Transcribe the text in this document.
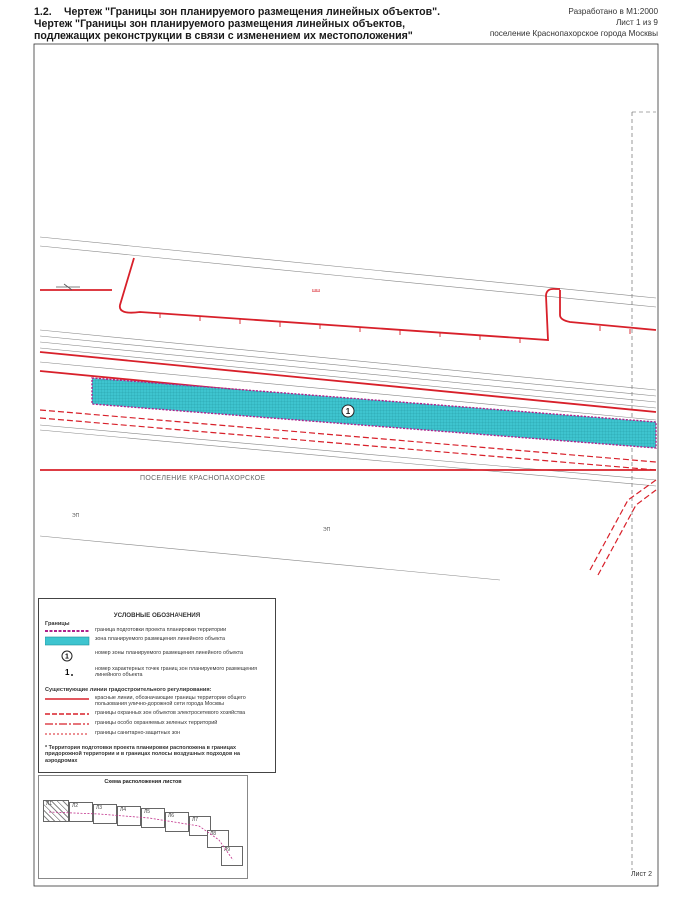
1.2. Чертеж "Границы зон планируемого размещения линейных объектов".
Чертеж "Границы зон планируемого размещения линейных объектов,
подлежащих реконструкции в связи с изменением их местоположения"
Разработано в М1:2000
Лист 1 из 9
поселение Краснопахорское города Москвы
1
шш
ЭП
ЭП
ПОСЕЛЕНИЕ КРАСНОПАХОРСКОЕ
УСЛОВНЫЕ ОБОЗНАЧЕНИЯ
Границы
граница подготовки проекта планировки территории
зона планируемого размещения линейного объекта
1
номер зоны планируемого размещения линейного объекта
1	номер характерных точек границ зон планируемого размещения линейного объекта
Существующие линии градостроительного регулирования:
красные линии, обозначающие границы территории общего пользования улично-дорожной сети города Москвы
границы охранных зон объектов электросетевого хозяйства
границы особо охраняемых зеленых территорий
границы санитарно-защитных зон
* Территория подготовки проекта планировки расположена в границах придорожной территории и в границах полосы воздушных подходов на аэродромах
Схема расположения листов
Л1	Л2	Л3	Л4	Л5
Л6
Л7
Л8
Л9
Лист 2
